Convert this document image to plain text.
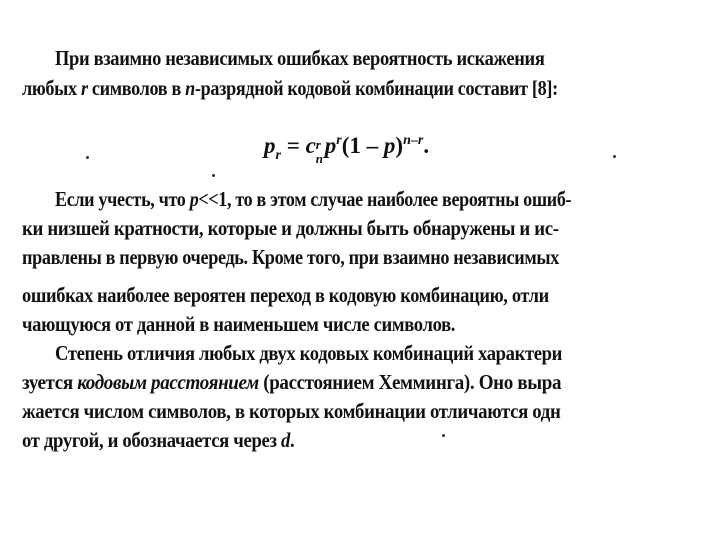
При взаимно независимых ошибках вероятность искажения
любых r символов в n-разрядной кодовой комбинации составит [8]:
$p_r = c$ r
n
$p^r(1 - p)^{n-r}$.
Если учесть, что p<<1, то в этом случае наиболее вероятны ошиб-
ки низшей кратности, которые и должны быть обнаружены и ис-
правлены в первую очередь. Кроме того, при взаимно независимых
ошибках наиболее вероятен переход в кодовую комбинацию, отли
чающуюся от данной в наименьшем числе символов.
Степень отличия любых двух кодовых комбинаций характери
зуется кодовым расстоянием (расстоянием Хемминга). Оно выра
жается числом символов, в которых комбинации отличаются одн
от другой, и обозначается через d.
